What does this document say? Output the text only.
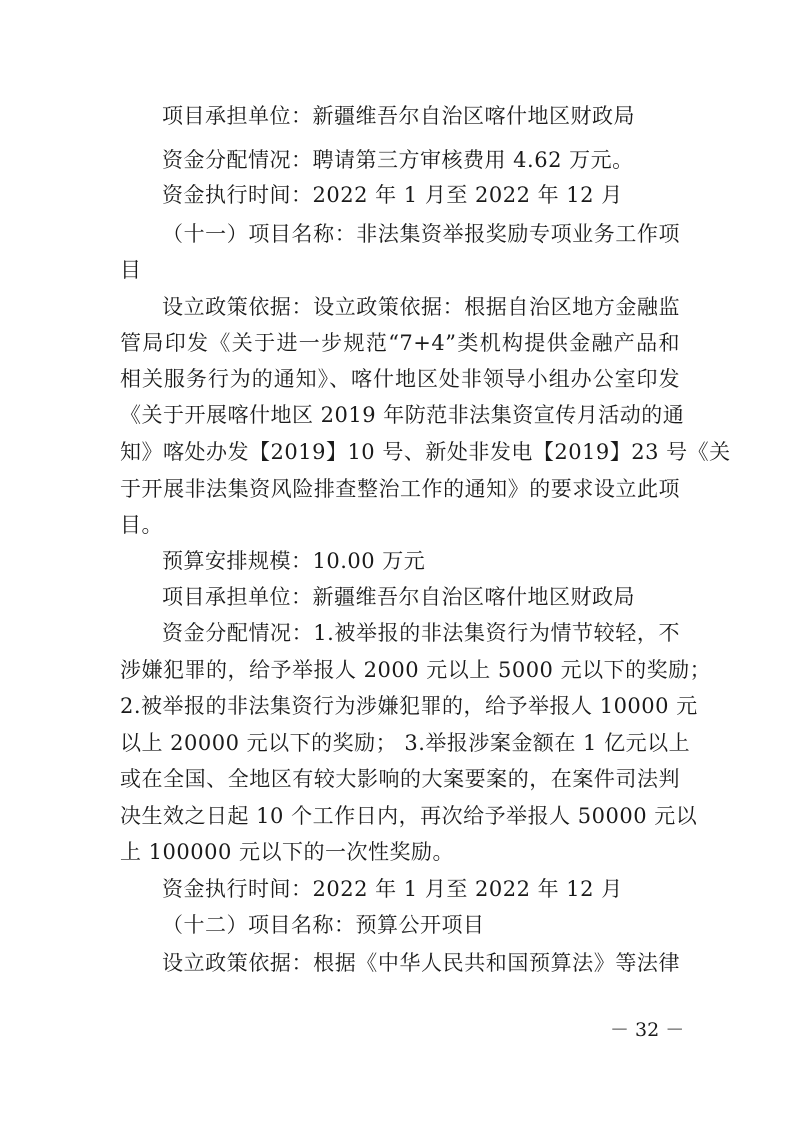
项目承担单位：新疆维吾尔自治区喀什地区财政局
资金分配情况：聘请第三方审核费用 4.62 万元。
资金执行时间：2022 年 1 月至 2022 年 12 月
（十一）项目名称：非法集资举报奖励专项业务工作项
目
设立政策依据：设立政策依据：根据自治区地方金融监
管局印发《关于进一步规范“7+4”类机构提供金融产品和
相关服务行为的通知》、喀什地区处非领导小组办公室印发
《关于开展喀什地区 2019 年防范非法集资宣传月活动的通
知》喀处办发【2019】10 号、新处非发电【2019】23 号《关
于开展非法集资风险排查整治工作的通知》的要求设立此项
目。
预算安排规模：10.00 万元
项目承担单位：新疆维吾尔自治区喀什地区财政局
资金分配情况：1.被举报的非法集资行为情节较轻，不
涉嫌犯罪的，给予举报人 2000 元以上 5000 元以下的奖励；
2.被举报的非法集资行为涉嫌犯罪的，给予举报人 10000 元
以上 20000 元以下的奖励； 3.举报涉案金额在 1 亿元以上
或在全国、全地区有较大影响的大案要案的，在案件司法判
决生效之日起 10 个工作日内，再次给予举报人 50000 元以
上 100000 元以下的一次性奖励。
资金执行时间：2022 年 1 月至 2022 年 12 月
（十二）项目名称：预算公开项目
设立政策依据：根据《中华人民共和国预算法》等法律
－ 32 －
